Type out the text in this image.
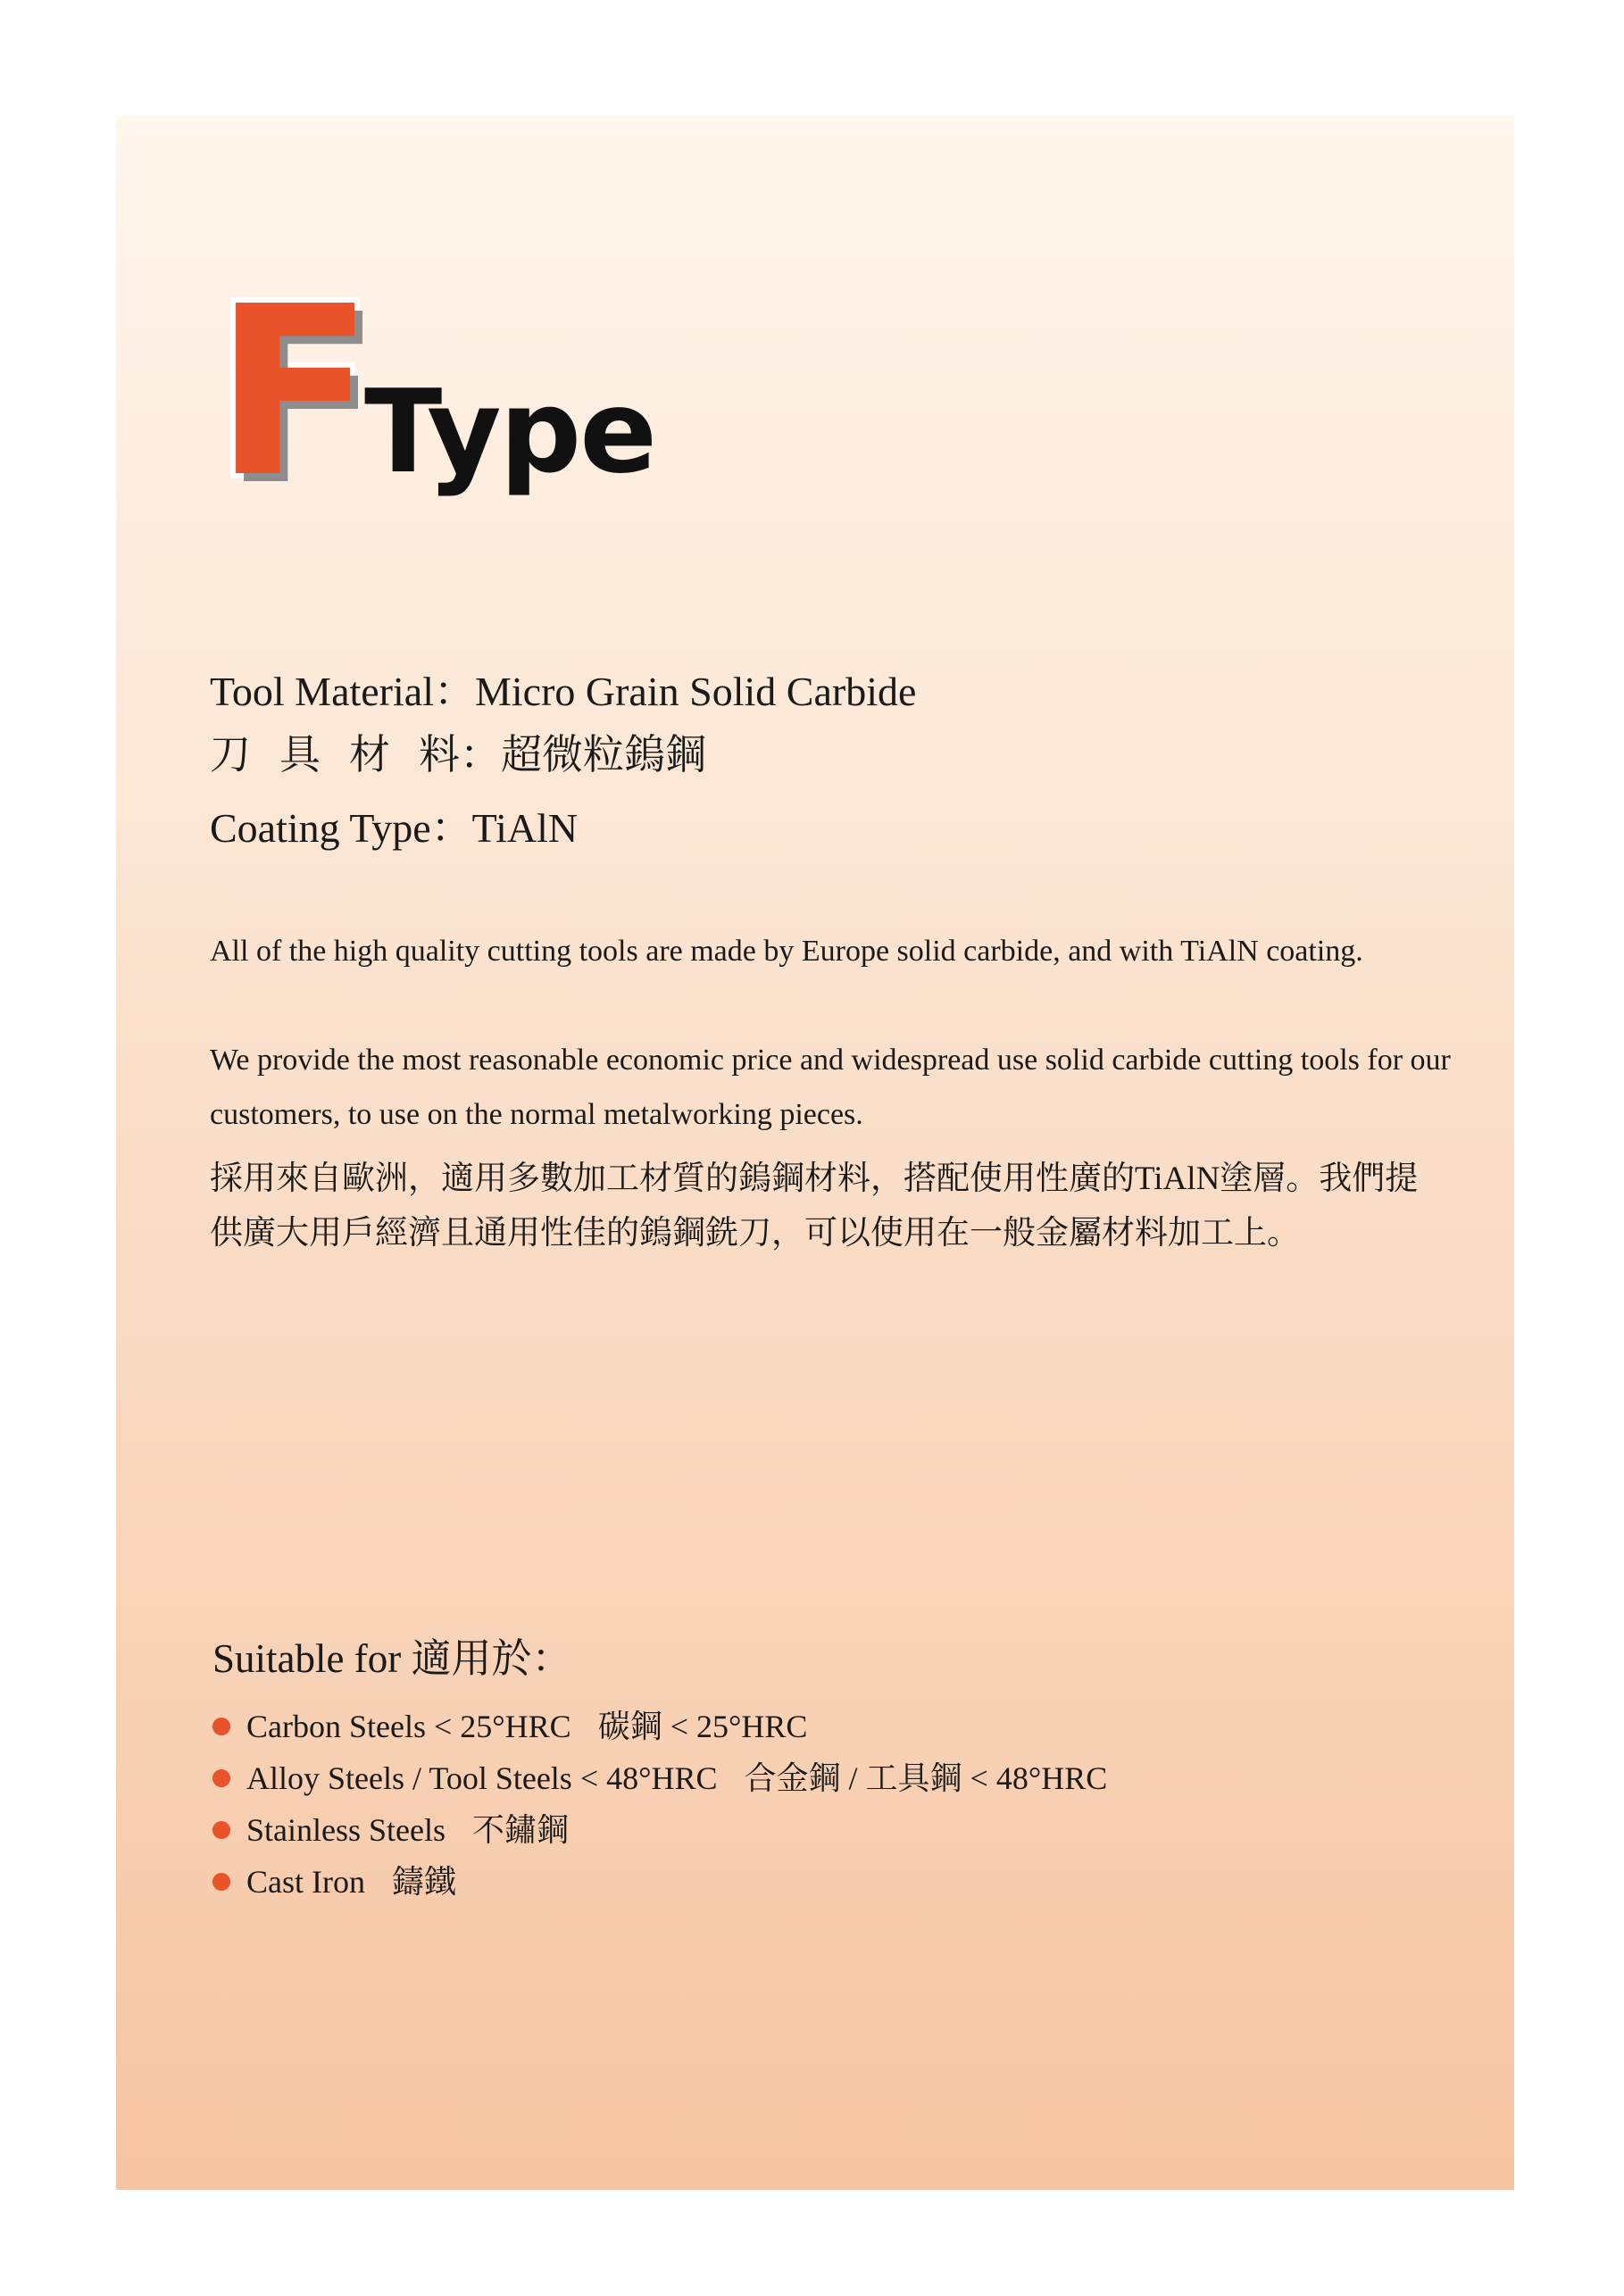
F
Type
Tool Material：Micro Grain Solid Carbide
刀 具 材 料：超微粒鎢鋼
Coating Type：TiAlN

All of the high quality cutting tools are made by Europe solid carbide, and with TiAlN coating.

We provide the most reasonable economic price and widespread use solid carbide cutting tools for our customers, to use on the normal metalworking pieces.

採用來自歐洲，適用多數加工材質的鎢鋼材料，搭配使用性廣的TiAlN塗層。我們提供廣大用戶經濟且通用性佳的鎢鋼銑刀，可以使用在一般金屬材料加工上。

Suitable for 適用於：
Carbon Steels < 25°HRC 碳鋼 < 25°HRC
Alloy Steels / Tool Steels < 48°HRC 合金鋼 / 工具鋼 < 48°HRC
Stainless Steels 不鏽鋼
Cast Iron 鑄鐵
